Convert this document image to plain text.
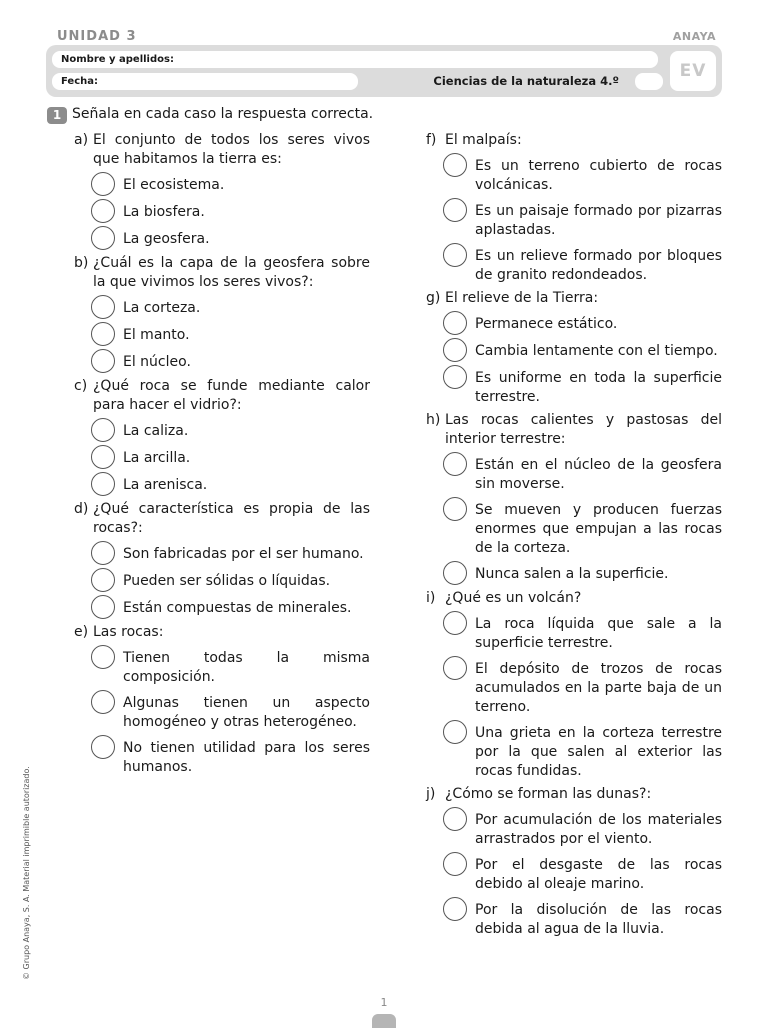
UNIDAD 3	ANAYA
Nombre y apellidos:
Fecha:	Ciencias de la naturaleza 4.º	EV
1 Señala en cada caso la respuesta correcta.
a) El conjunto de todos los seres vivos que habitamos la tierra es:
El ecosistema.
La biosfera.
La geosfera.
b) ¿Cuál es la capa de la geosfera sobre la que vivimos los seres vivos?:
La corteza.
El manto.
El núcleo.
c) ¿Qué roca se funde mediante calor para hacer el vidrio?:
La caliza.
La arcilla.
La arenisca.
d) ¿Qué característica es propia de las rocas?:
Son fabricadas por el ser humano.
Pueden ser sólidas o líquidas.
Están compuestas de minerales.
e) Las rocas:
Tienen todas la misma composición.
Algunas tienen un aspecto homogéneo y otras heterogéneo.
No tienen utilidad para los seres humanos.
f) El malpaís:
Es un terreno cubierto de rocas volcánicas.
Es un paisaje formado por pizarras aplastadas.
Es un relieve formado por bloques de granito redondeados.
g) El relieve de la Tierra:
Permanece estático.
Cambia lentamente con el tiempo.
Es uniforme en toda la superficie terrestre.
h) Las rocas calientes y pastosas del interior terrestre:
Están en el núcleo de la geosfera sin moverse.
Se mueven y producen fuerzas enormes que empujan a las rocas de la corteza.
Nunca salen a la superficie.
i) ¿Qué es un volcán?
La roca líquida que sale a la superficie terrestre.
El depósito de trozos de rocas acumulados en la parte baja de un terreno.
Una grieta en la corteza terrestre por la que salen al exterior las rocas fundidas.
j) ¿Cómo se forman las dunas?:
Por acumulación de los materiales arrastrados por el viento.
Por el desgaste de las rocas debido al oleaje marino.
Por la disolución de las rocas debida al agua de la lluvia.
© Grupo Anaya, S. A. Material imprimible autorizado.
1
